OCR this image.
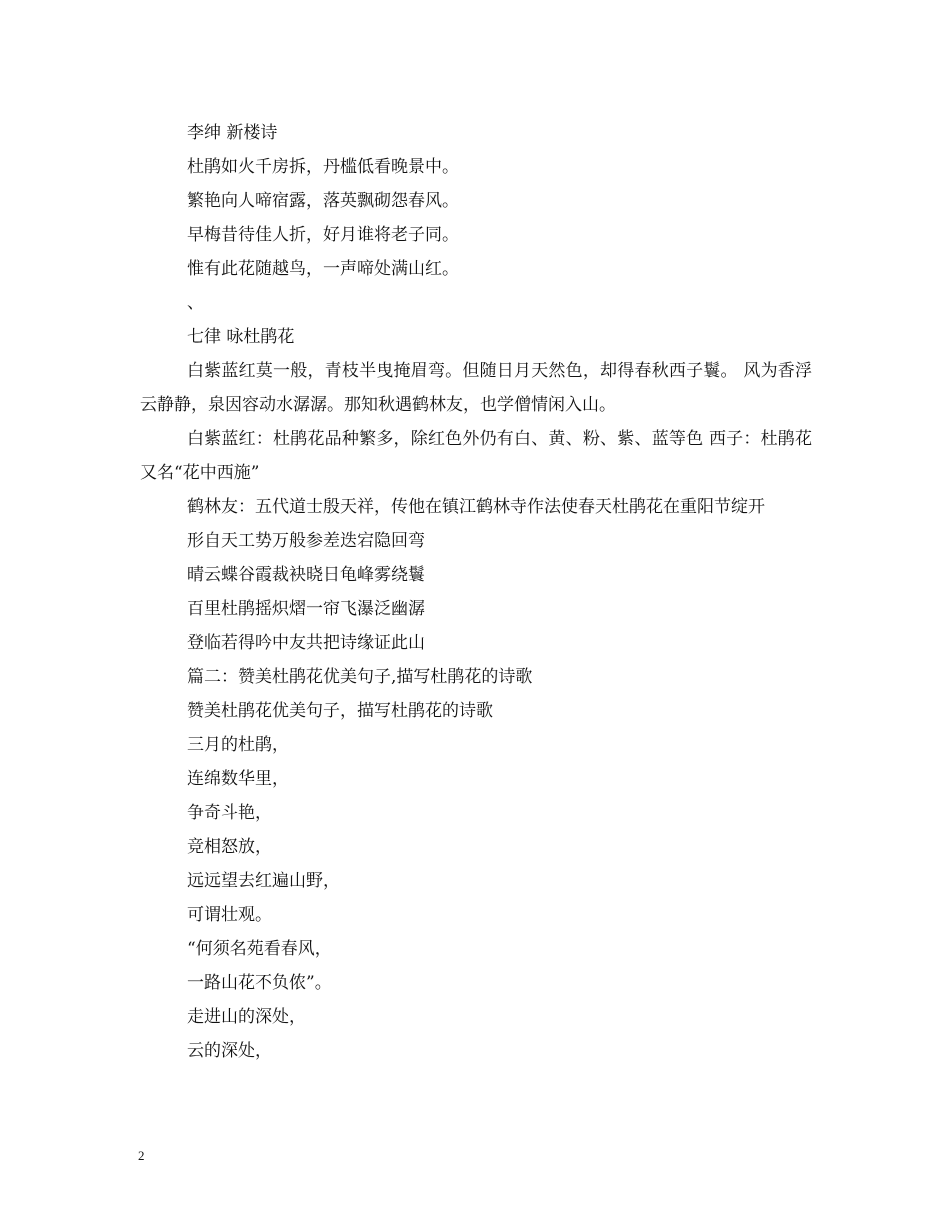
李绅 新楼诗
杜鹃如火千房拆，丹槛低看晚景中。
繁艳向人啼宿露，落英飘砌怨春风。
早梅昔待佳人折，好月谁将老子同。
惟有此花随越鸟，一声啼处满山红。
、
七律 咏杜鹃花
白紫蓝红莫一般，青枝半曳掩眉弯。但随日月天然色，却得春秋西子鬟。 风为香浮云静静，泉因容动水潺潺。那知秋遇鹤林友，也学僧情闲入山。
白紫蓝红：杜鹃花品种繁多，除红色外仍有白、黄、粉、紫、蓝等色 西子：杜鹃花又名“花中西施”
鹤林友：五代道士殷天祥，传他在镇江鹤林寺作法使春天杜鹃花在重阳节绽开
形自天工势万般参差迭宕隐回弯
晴云蝶谷霞裁袂晓日龟峰雾绕鬟
百里杜鹃摇炽熠一帘飞瀑泛幽潺
登临若得吟中友共把诗缘证此山
篇二：赞美杜鹃花优美句子,描写杜鹃花的诗歌
赞美杜鹃花优美句子，描写杜鹃花的诗歌
三月的杜鹃，
连绵数华里，
争奇斗艳，
竞相怒放，
远远望去红遍山野，
可谓壮观。
“何须名苑看春风，
一路山花不负侬”。
走进山的深处，
云的深处，
2
